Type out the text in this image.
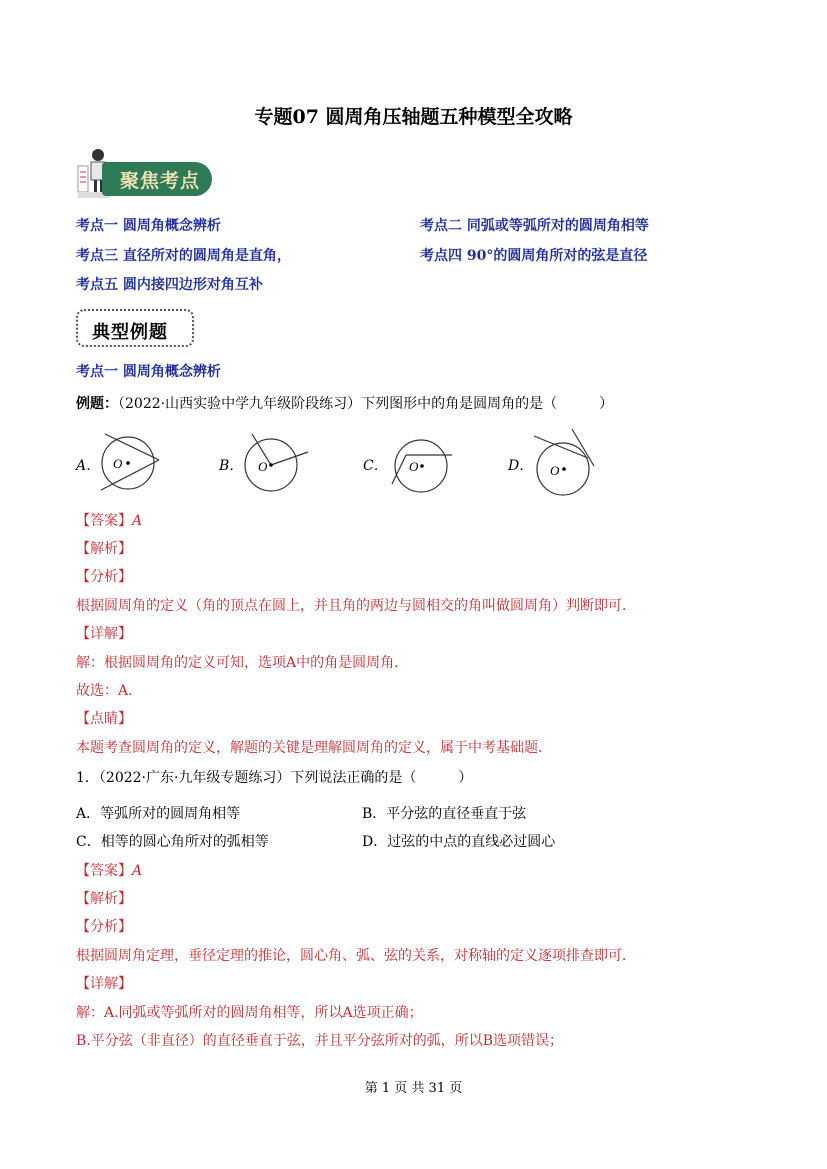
专题07 圆周角压轴题五种模型全攻略
聚焦考点
考点一 圆周角概念辨析	考点二 同弧或等弧所对的圆周角相等
考点三 直径所对的圆周角是直角，	考点四 90°的圆周角所对的弦是直径
考点五 圆内接四边形对角互补
典型例题
考点一 圆周角概念辨析
例题：（2022·山西实验中学九年级阶段练习）下列图形中的角是圆周角的是（　　　）
A．	B．	C．	D．
O	O	O	O
【答案】A
【解析】
【分析】
根据圆周角的定义（角的顶点在圆上，并且角的两边与圆相交的角叫做圆周角）判断即可．
【详解】
解：根据圆周角的定义可知，选项A中的角是圆周角．
故选：A．
【点睛】
本题考查圆周角的定义，解题的关键是理解圆周角的定义，属于中考基础题．
1．（2022·广东·九年级专题练习）下列说法正确的是（　　　）
A．等弧所对的圆周角相等	B．平分弦的直径垂直于弦
C．相等的圆心角所对的弧相等	D．过弦的中点的直线必过圆心
【答案】A
【解析】
【分析】
根据圆周角定理，垂径定理的推论，圆心角、弧、弦的关系，对称轴的定义逐项排查即可．
【详解】
解：A.同弧或等弧所对的圆周角相等，所以A选项正确；
B.平分弦（非直径）的直径垂直于弦，并且平分弦所对的弧，所以B选项错误；
第 1 页 共 31 页
